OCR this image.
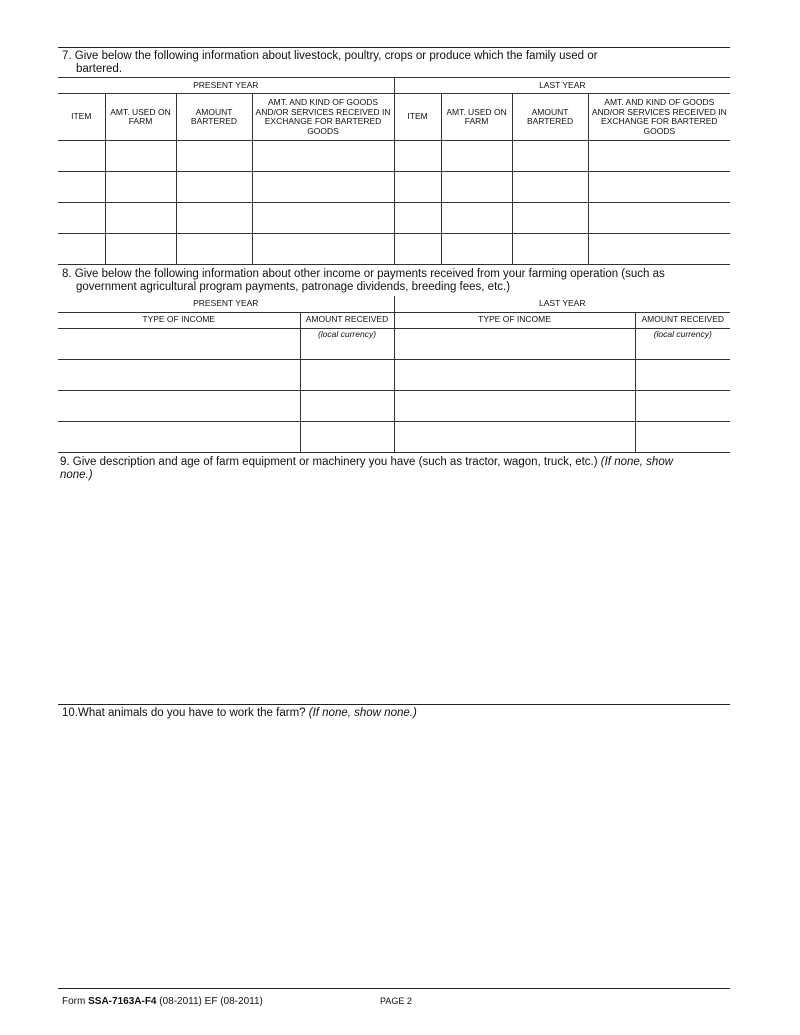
7. Give below the following information about livestock, poultry, crops or produce which the family used or
bartered.
PRESENT YEAR				LAST YEAR			
ITEM	AMT. USED ON FARM	AMOUNT BARTERED	AMT. AND KIND OF GOODS AND/OR SERVICES RECEIVED IN EXCHANGE FOR BARTERED GOODS	ITEM	AMT. USED ON FARM	AMOUNT BARTERED	AMT. AND KIND OF GOODS AND/OR SERVICES RECEIVED IN EXCHANGE FOR BARTERED GOODS

8. Give below the following information about other income or payments received from your farming operation (such as
government agricultural program payments, patronage dividends, breeding fees, etc.)
PRESENT YEAR		LAST YEAR	
TYPE OF INCOME	AMOUNT RECEIVED	TYPE OF INCOME	AMOUNT RECEIVED

	(local currency)		(local currency)

9. Give description and age of farm equipment or machinery you have (such as tractor, wagon, truck, etc.) (If none, show
none.)
10.What animals do you have to work the farm? (If none, show none.)
Form SSA-7163A-F4 (08-2011) EF (08-2011)	PAGE 2
